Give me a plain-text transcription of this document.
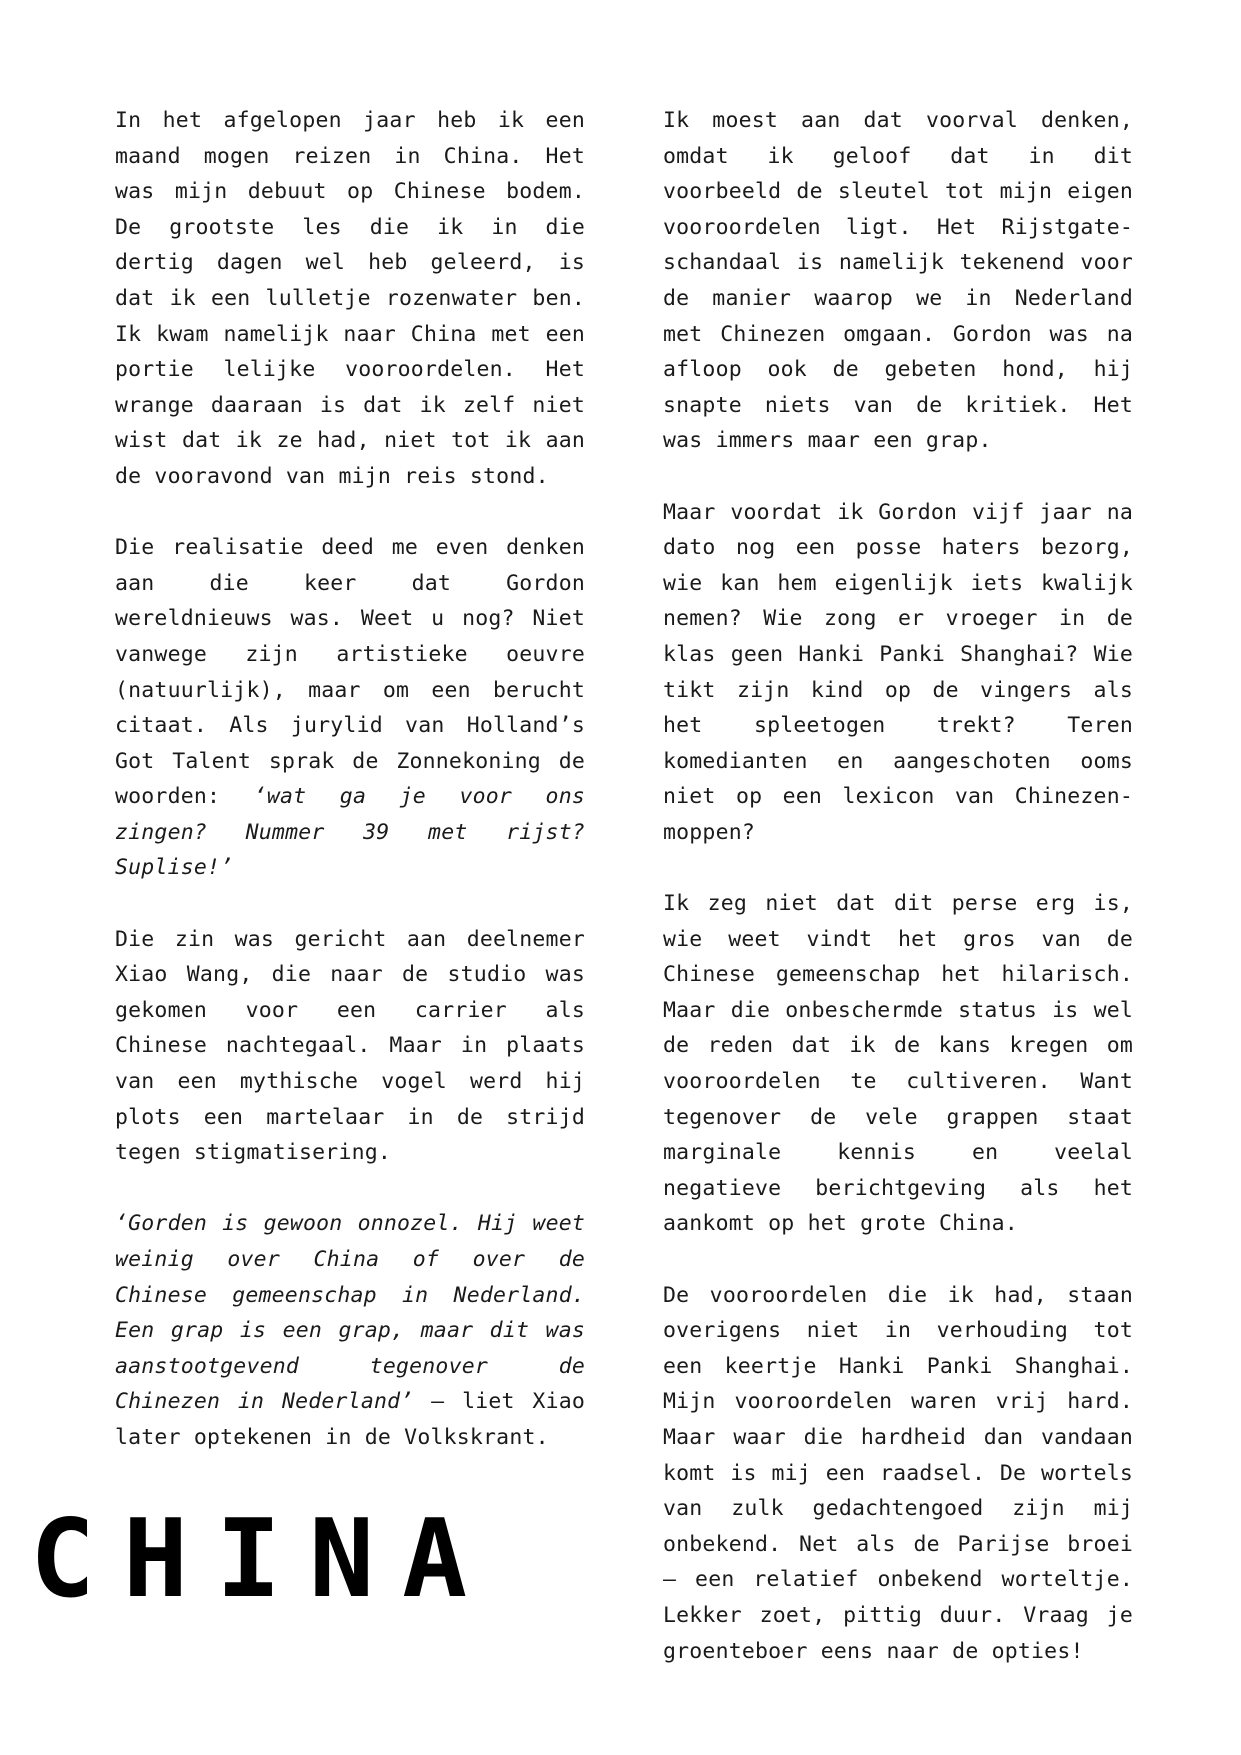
In het afgelopen jaar heb ik een maand mogen reizen in China. Het was mijn debuut op Chinese bodem. De grootste les die ik in die dertig dagen wel heb geleerd, is dat ik een lulletje rozenwater ben. Ik kwam namelijk naar China met een portie lelijke vooroordelen. Het wrange daaraan is dat ik zelf niet wist dat ik ze had, niet tot ik aan de vooravond van mijn reis stond.

Die realisatie deed me even denken aan die keer dat Gordon wereldnieuws was. Weet u nog? Niet vanwege zijn artistieke oeuvre (natuurlijk), maar om een berucht citaat. Als jurylid van Holland’s Got Talent sprak de Zonnekoning de woorden: ‘wat ga je voor ons zingen? Nummer 39 met rijst? Suplise!’

Die zin was gericht aan deelnemer Xiao Wang, die naar de studio was gekomen voor een carrier als Chinese nachtegaal. Maar in plaats van een mythische vogel werd hij plots een martelaar in de strijd tegen stigmatisering.

‘Gorden is gewoon onnozel. Hij weet weinig over China of over de Chinese gemeenschap in Nederland. Een grap is een grap, maar dit was aanstootgevend tegenover de Chinezen in Nederland’ – liet Xiao later optekenen in de Volkskrant.

Ik moest aan dat voorval denken, omdat ik geloof dat in dit voorbeeld de sleutel tot mijn eigen vooroordelen ligt. Het Rijstgate-schandaal is namelijk tekenend voor de manier waarop we in Nederland met Chinezen omgaan. Gordon was na afloop ook de gebeten hond, hij snapte niets van de kritiek. Het was immers maar een grap.

Maar voordat ik Gordon vijf jaar na dato nog een posse haters bezorg, wie kan hem eigenlijk iets kwalijk nemen? Wie zong er vroeger in de klas geen Hanki Panki Shanghai? Wie tikt zijn kind op de vingers als het spleetogen trekt? Teren komedianten en aangeschoten ooms niet op een lexicon van Chinezen-moppen?

Ik zeg niet dat dit perse erg is, wie weet vindt het gros van de Chinese gemeenschap het hilarisch. Maar die onbeschermde status is wel de reden dat ik de kans kregen om vooroordelen te cultiveren. Want tegenover de vele grappen staat marginale kennis en veelal negatieve berichtgeving als het aankomt op het grote China.

De vooroordelen die ik had, staan overigens niet in verhouding tot een keertje Hanki Panki Shanghai. Mijn vooroordelen waren vrij hard. Maar waar die hardheid dan vandaan komt is mij een raadsel. De wortels van zulk gedachtengoed zijn mij onbekend. Net als de Parijse broei – een relatief onbekend worteltje. Lekker zoet, pittig duur. Vraag je groenteboer eens naar de opties!

CHINA
